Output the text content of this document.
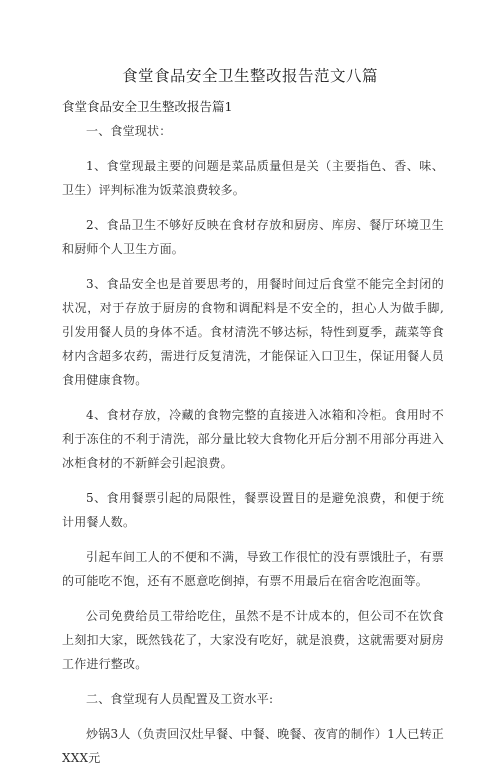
食堂食品安全卫生整改报告范文八篇
食堂食品安全卫生整改报告篇1

一、食堂现状：

1、食堂现最主要的问题是菜品质量但是关（主要指色、香、味、卫生）评判标准为饭菜浪费较多。

2、食品卫生不够好反映在食材存放和厨房、库房、餐厅环境卫生和厨师个人卫生方面。

3、食品安全也是首要思考的，用餐时间过后食堂不能完全封闭的状况，对于存放于厨房的食物和调配料是不安全的，担心人为做手脚,引发用餐人员的身体不适。食材清洗不够达标，特性到夏季，蔬菜等食材内含超多农药，需进行反复清洗，才能保证入口卫生，保证用餐人员食用健康食物。

4、食材存放，冷藏的食物完整的直接进入冰箱和冷柜。食用时不利于冻住的不利于清洗，部分量比较大食物化开后分割不用部分再进入冰柜食材的不新鲜会引起浪费。

5、食用餐票引起的局限性，餐票设置目的是避免浪费，和便于统计用餐人数。

引起车间工人的不便和不满，导致工作很忙的没有票饿肚子，有票的可能吃不饱，还有不愿意吃倒掉，有票不用最后在宿舍吃泡面等。

公司免费给员工带给吃住，虽然不是不计成本的，但公司不在饮食上刻扣大家，既然钱花了，大家没有吃好，就是浪费，这就需要对厨房工作进行整改。

二、食堂现有人员配置及工资水平:

炒锅3人（负责回汉灶早餐、中餐、晚餐、夜宵的制作）1人已转正XXX元
